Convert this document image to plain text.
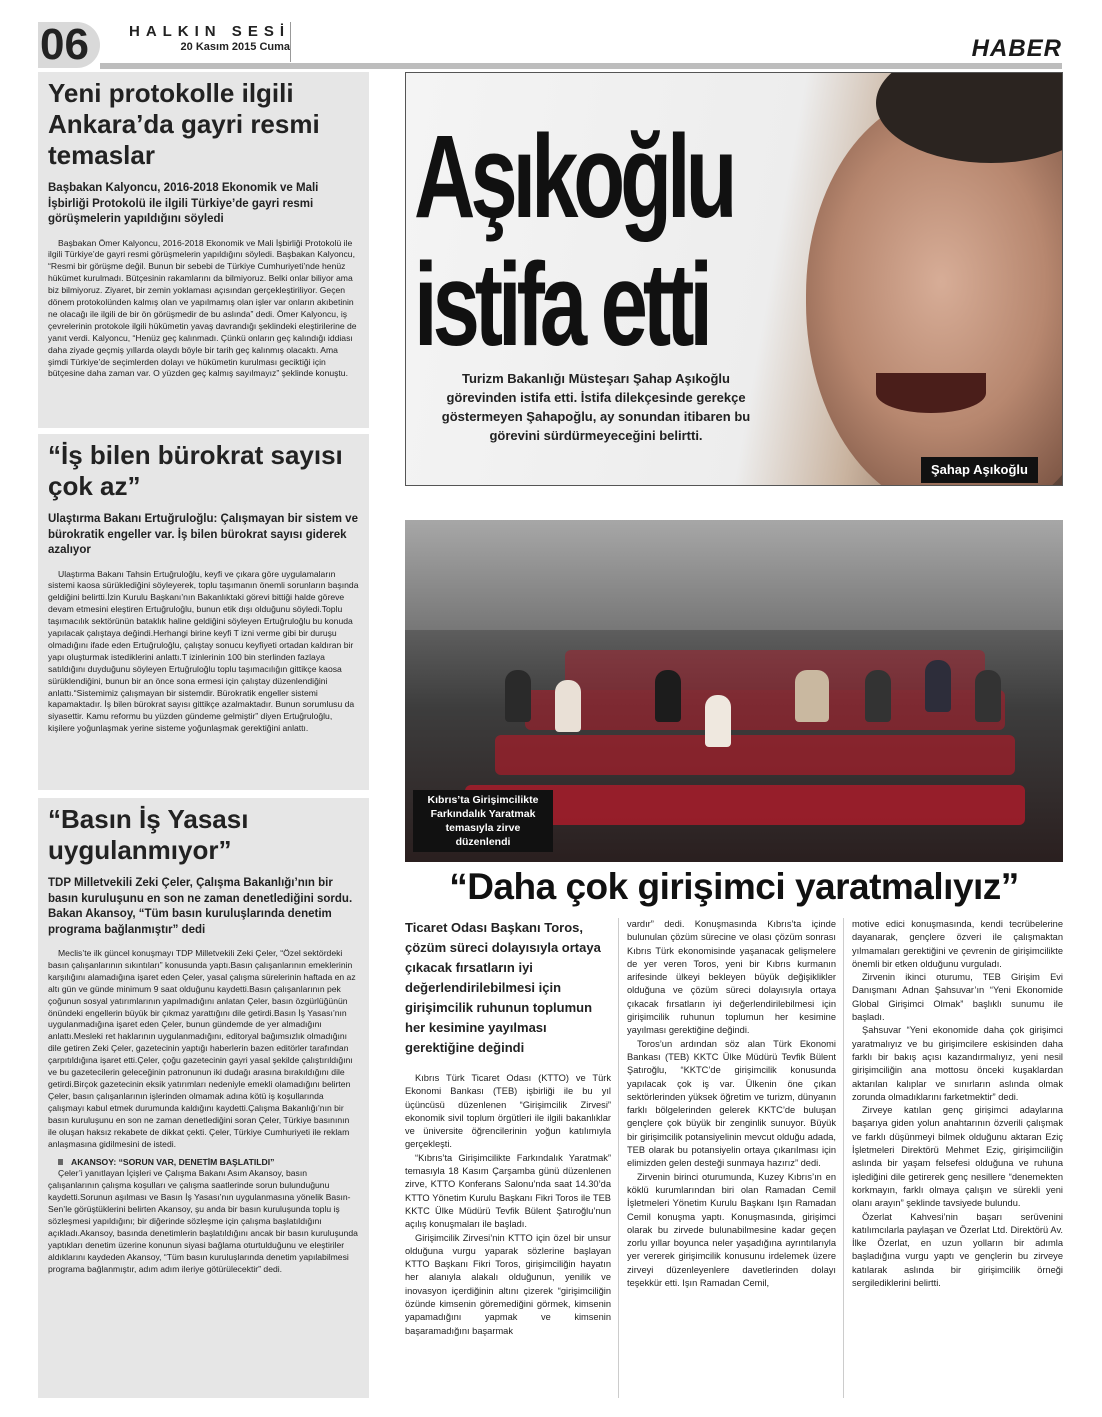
06	HALKIN SESİ
20 Kasım 2015 Cuma	HABER
Yeni protokolle ilgili Ankara’da gayri resmi temaslar
Başbakan Kalyoncu, 2016-2018 Ekonomik ve Mali İşbirliği Protokolü ile ilgili Türkiye’de gayri resmi görüşmelerin yapıldığını söyledi

Başbakan Ömer Kalyoncu, 2016-2018 Ekonomik ve Mali İşbirliği Protokolü ile ilgili Türkiye’de gayri resmi görüşmelerin yapıldığını söyledi. Başbakan Kalyoncu, “Resmi bir görüşme değil. Bunun bir sebebi de Türkiye Cumhuriyeti’nde henüz hükümet kurulmadı. Bütçesinin rakamlarını da bilmiyoruz. Belki onlar biliyor ama biz bilmiyoruz. Ziyaret, bir zemin yoklaması açısından gerçekleştiriliyor. Geçen dönem protokolünden kalmış olan ve yapılmamış olan işler var onların akıbetinin ne olacağı ile ilgili de bir ön görüşmedir de bu aslında” dedi. Ömer Kalyoncu, iş çevrelerinin protokole ilgili hükümetin yavaş davrandığı şeklindeki eleştirilerine de yanıt verdi. Kalyoncu, “Henüz geç kalınmadı. Çünkü onların geç kalındığı iddiası daha ziyade geçmiş yıllarda olaydı böyle bir tarih geç kalınmış olacaktı. Ama şimdi Türkiye’de seçimlerden dolayı ve hükümetin kurulması geciktiği için bütçesine daha zaman var. O yüzden geç kalmış sayılmayız” şeklinde konuştu.

“İş bilen bürokrat sayısı çok az”
Ulaştırma Bakanı Ertuğruloğlu: Çalışmayan bir sistem ve bürokratik engeller var. İş bilen bürokrat sayısı giderek azalıyor

Ulaştırma Bakanı Tahsin Ertuğruloğlu, keyfi ve çıkara göre uygulamaların sistemi kaosa sürüklediğini söyleyerek, toplu taşımanın önemli sorunların başında geldiğini belirtti.İzin Kurulu Başkanı’nın Bakanlıktaki görevi bittiği halde göreve devam etmesini eleştiren Ertuğruloğlu, bunun etik dışı olduğunu söyledi.Toplu taşımacılık sektörünün bataklık haline geldiğini söyleyen Ertuğruloğlu bu konuda yapılacak çalıştaya değindi.Herhangi birine keyfi T izni verme gibi bir duruşu olmadığını ifade eden Ertuğruloğlu, çalıştay sonucu keyfiyeti ortadan kaldıran bir yapı oluşturmak istediklerini anlattı.T izinlerinin 100 bin sterlinden fazlaya satıldığını duyduğunu söyleyen Ertuğruloğlu toplu taşımacılığın gittikçe kaosa sürüklendiğini, bunun bir an önce sona ermesi için çalıştay düzenlendiğini anlattı.“Sistemimiz çalışmayan bir sistemdir. Bürokratik engeller sistemi kapamaktadır. İş bilen bürokrat sayısı gittikçe azalmaktadır. Bunun sorumlusu da siyasettir. Kamu reformu bu yüzden gündeme gelmiştir” diyen Ertuğruloğlu, kişilere yoğunlaşmak yerine sisteme yoğunlaşmak gerektiğini anlattı.

“Basın İş Yasası uygulanmıyor”
TDP Milletvekili Zeki Çeler, Çalışma Bakanlığı’nın bir basın kuruluşunu en son ne zaman denetlediğini sordu. Bakan Akansoy, “Tüm basın kuruluşlarında denetim programa bağlanmıştır” dedi

Meclis’te ilk güncel konuşmayı TDP Milletvekili Zeki Çeler, “Özel sektördeki basın çalışanlarının sıkıntıları” konusunda yaptı.Basın çalışanlarının emeklerinin karşılığını alamadığına işaret eden Çeler, yasal çalışma sürelerinin haftada en az altı gün ve günde minimum 9 saat olduğunu kaydetti.Basın çalışanlarının pek çoğunun sosyal yatırımlarının yapılmadığını anlatan Çeler, basın özgürlüğünün önündeki engellerin büyük bir çıkmaz yarattığını dile getirdi.Basın İş Yasası’nın uygulanmadığına işaret eden Çeler, bunun gündemde de yer almadığını anlattı.Mesleki ret haklarının uygulanmadığını, editoryal bağımsızlık olmadığını dile getiren Zeki Çeler, gazetecinin yaptığı haberlerin bazen editörler tarafından çarpıtıldığına işaret etti.Çeler, çoğu gazetecinin gayri yasal şekilde çalıştırıldığını ve bu gazetecilerin geleceğinin patronunun iki dudağı arasına bırakıldığını dile getirdi.Birçok gazetecinin eksik yatırımları nedeniyle emekli olamadığını belirten Çeler, basın çalışanlarının işlerinden olmamak adına kötü iş koşullarında çalışmayı kabul etmek durumunda kaldığını kaydetti.Çalışma Bakanlığı’nın bir basın kuruluşunu en son ne zaman denetlediğini soran Çeler, Türkiye basınının ile oluşan haksız rekabete de dikkat çekti. Çeler, Türkiye Cumhuriyeti ile reklam anlaşmasına gidilmesini de istedi.

AKANSOY: “SORUN VAR, DENETİM BAŞLATILDI”

Çeler’i yanıtlayan İçişleri ve Çalışma Bakanı Asım Akansoy, basın çalışanlarının çalışma koşulları ve çalışma saatlerinde sorun bulunduğunu kaydetti.Sorunun aşılması ve Basın İş Yasası’nın uygulanmasına yönelik Basın-Sen’le görüştüklerini belirten Akansoy, şu anda bir basın kuruluşunda toplu iş sözleşmesi yapıldığını; bir diğerinde sözleşme için çalışma başlatıldığını açıkladı.Akansoy, basında denetimlerin başlatıldığını ancak bir basın kuruluşunda yaptıkları denetim üzerine konunun siyasi bağlama oturtulduğunu ve eleştiriler aldıklarını kaydeden Akansoy, “Tüm basın kuruluşlarında denetim yapılabilmesi programa bağlanmıştır, adım adım ileriye götürülecektir” dedi.

Aşıkoğlu
istifa etti
Turizm Bakanlığı Müsteşarı Şahap Aşıkoğlu görevinden istifa etti. İstifa dilekçesinde gerekçe göstermeyen Şahapoğlu, ay sonundan itibaren bu görevini sürdürmeyeceğini belirtti.
Şahap Aşıkoğlu
Kıbrıs’ta Girişimcilikte Farkındalık Yaratmak temasıyla zirve düzenlendi
“Daha çok girişimci yaratmalıyız”
Ticaret Odası Başkanı Toros, çözüm süreci dolayısıyla ortaya çıkacak fırsatların iyi değerlendirilebilmesi için girişimcilik ruhunun toplumun her kesimine yayılması gerektiğine değindi

Kıbrıs Türk Ticaret Odası (KTTO) ve Türk Ekonomi Bankası (TEB) işbirliği ile bu yıl üçüncüsü düzenlenen “Girişimcilik Zirvesi” ekonomik sivil toplum örgütleri ile ilgili bakanlıklar ve üniversite öğrencilerinin yoğun katılımıyla gerçekleşti.

“Kıbrıs’ta Girişimcilikte Farkındalık Yaratmak” temasıyla 18 Kasım Çarşamba günü düzenlenen zirve, KTTO Konferans Salonu’nda saat 14.30’da KTTO Yönetim Kurulu Başkanı Fikri Toros ile TEB KKTC Ülke Müdürü Tevfik Bülent Şatıroğlu’nun açılış konuşmaları ile başladı.

Girişimcilik Zirvesi’nin KTTO için özel bir unsur olduğuna vurgu yaparak sözlerine başlayan KTTO Başkanı Fikri Toros, girişimciliğin hayatın her alanıyla alakalı olduğunun, yenilik ve inovasyon içerdiğinin altını çizerek “girişimciliğin özünde kimsenin göremediğini görmek, kimsenin yapamadığını yapmak ve kimsenin başaramadığını başarmak

vardır” dedi. Konuşmasında Kıbrıs’ta içinde bulunulan çözüm sürecine ve olası çözüm sonrası Kıbrıs Türk ekonomisinde yaşanacak gelişmelere de yer veren Toros, yeni bir Kıbrıs kurmanın arifesinde ülkeyi bekleyen büyük değişiklikler olduğuna ve çözüm süreci dolayısıyla ortaya çıkacak fırsatların iyi değerlendirilebilmesi için girişimcilik ruhunun toplumun her kesimine yayılması gerektiğine değindi.

Toros’un ardından söz alan Türk Ekonomi Bankası (TEB) KKTC Ülke Müdürü Tevfik Bülent Şatıroğlu, “KKTC’de girişimcilik konusunda yapılacak çok iş var. Ülkenin öne çıkan sektörlerinden yüksek öğretim ve turizm, dünyanın farklı bölgelerinden gelerek KKTC’de buluşan gençlere çok büyük bir zenginlik sunuyor. Büyük bir girişimcilik potansiyelinin mevcut olduğu adada, TEB olarak bu potansiyelin ortaya çıkarılması için elimizden gelen desteği sunmaya hazırız” dedi.

Zirvenin birinci oturumunda, Kuzey Kıbrıs’ın en köklü kurumlarından biri olan Ramadan Cemil İşletmeleri Yönetim Kurulu Başkanı Işın Ramadan Cemil konuşma yaptı. Konuşmasında, girişimci olarak bu zirvede bulunabilmesine kadar geçen zorlu yıllar boyunca neler yaşadığına ayrıntılarıyla yer vererek girişimcilik konusunu irdelemek üzere zirveyi düzenleyenlere davetlerinden dolayı teşekkür etti. Işın Ramadan Cemil,

motive edici konuşmasında, kendi tecrübelerine dayanarak, gençlere özveri ile çalışmaktan yılmamaları gerektiğini ve çevrenin de girişimcilikte önemli bir etken olduğunu vurguladı.

Zirvenin ikinci oturumu, TEB Girişim Evi Danışmanı Adnan Şahsuvar’ın “Yeni Ekonomide Global Girişimci Olmak” başlıklı sunumu ile başladı.

Şahsuvar “Yeni ekonomide daha çok girişimci yaratmalıyız ve bu girişimcilere eskisinden daha farklı bir bakış açısı kazandırmalıyız, yeni nesil girişimciliğin ana mottosu önceki kuşaklardan aktarılan kalıplar ve sınırların aslında olmak zorunda olmadıklarını farketmektir” dedi.

Zirveye katılan genç girişimci adaylarına başarıya giden yolun anahtarının özverili çalışmak ve farklı düşünmeyi bilmek olduğunu aktaran Eziç İşletmeleri Direktörü Mehmet Eziç, girişimciliğin aslında bir yaşam felsefesi olduğuna ve ruhuna işlediğini dile getirerek genç nesillere “denemekten korkmayın, farklı olmaya çalışın ve sürekli yeni olanı arayın” şeklinde tavsiyede bulundu.

Özerlat Kahvesi’nin başarı serüvenini katılımcılarla paylaşan ve Özerlat Ltd. Direktörü Av. İlke Özerlat, en uzun yolların bir adımla başladığına vurgu yaptı ve gençlerin bu zirveye katılarak aslında bir girişimcilik örneği sergilediklerini belirtti.
